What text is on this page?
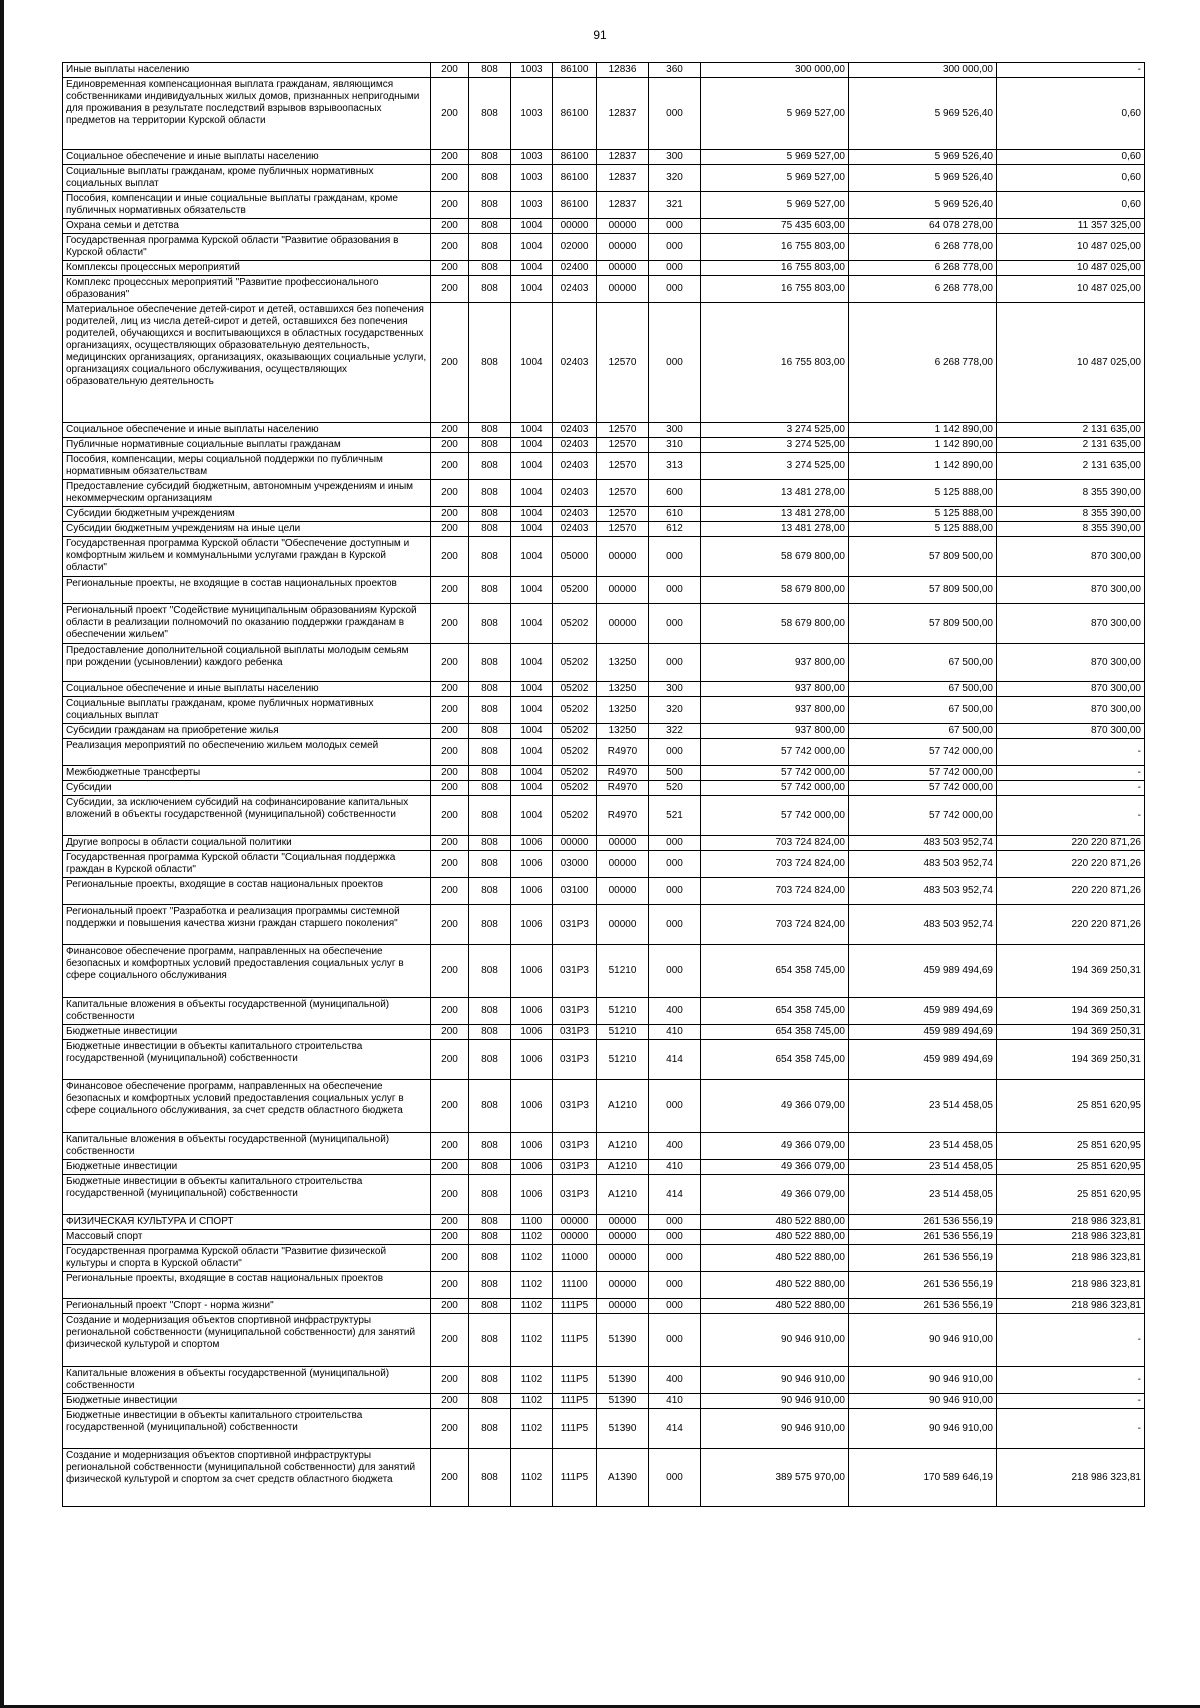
91
Иные выплаты населению	200	808	1003	86100	12836	360	300 000,00	300 000,00	-
Единовременная компенсационная выплата гражданам, являющимся собственниками индивидуальных жилых домов, признанных непригодными для проживания в результате последствий взрывов взрывоопасных предметов на территории Курской области	200	808	1003	86100	12837	000	5 969 527,00	5 969 526,40	0,60
Социальное обеспечение и иные выплаты населению	200	808	1003	86100	12837	300	5 969 527,00	5 969 526,40	0,60
Социальные выплаты гражданам, кроме публичных нормативных социальных выплат	200	808	1003	86100	12837	320	5 969 527,00	5 969 526,40	0,60
Пособия, компенсации и иные социальные выплаты гражданам, кроме публичных нормативных обязательств	200	808	1003	86100	12837	321	5 969 527,00	5 969 526,40	0,60
Охрана семьи и детства	200	808	1004	00000	00000	000	75 435 603,00	64 078 278,00	11 357 325,00
Государственная программа Курской области "Развитие образования в Курской области"	200	808	1004	02000	00000	000	16 755 803,00	6 268 778,00	10 487 025,00
Комплексы процессных мероприятий	200	808	1004	02400	00000	000	16 755 803,00	6 268 778,00	10 487 025,00
Комплекс процессных мероприятий "Развитие профессионального образования"	200	808	1004	02403	00000	000	16 755 803,00	6 268 778,00	10 487 025,00
Материальное обеспечение детей-сирот и детей, оставшихся без попечения родителей, лиц из числа детей-сирот и детей, оставшихся без попечения родителей, обучающихся и воспитывающихся в областных государственных организациях, осуществляющих образовательную деятельность, медицинских организациях, организациях, оказывающих социальные услуги, организациях социального обслуживания, осуществляющих образовательную деятельность	200	808	1004	02403	12570	000	16 755 803,00	6 268 778,00	10 487 025,00
Социальное обеспечение и иные выплаты населению	200	808	1004	02403	12570	300	3 274 525,00	1 142 890,00	2 131 635,00
Публичные нормативные социальные выплаты гражданам	200	808	1004	02403	12570	310	3 274 525,00	1 142 890,00	2 131 635,00
Пособия, компенсации, меры социальной поддержки по публичным нормативным обязательствам	200	808	1004	02403	12570	313	3 274 525,00	1 142 890,00	2 131 635,00
Предоставление субсидий бюджетным, автономным учреждениям и иным некоммерческим организациям	200	808	1004	02403	12570	600	13 481 278,00	5 125 888,00	8 355 390,00
Субсидии бюджетным учреждениям	200	808	1004	02403	12570	610	13 481 278,00	5 125 888,00	8 355 390,00
Субсидии бюджетным учреждениям на иные цели	200	808	1004	02403	12570	612	13 481 278,00	5 125 888,00	8 355 390,00
Государственная программа Курской области "Обеспечение доступным и комфортным жильем и коммунальными услугами граждан в Курской области"	200	808	1004	05000	00000	000	58 679 800,00	57 809 500,00	870 300,00
Региональные проекты, не входящие в состав национальных проектов	200	808	1004	05200	00000	000	58 679 800,00	57 809 500,00	870 300,00
Региональный проект "Содействие муниципальным образованиям Курской области в реализации полномочий по оказанию поддержки гражданам в обеспечении жильем"	200	808	1004	05202	00000	000	58 679 800,00	57 809 500,00	870 300,00
Предоставление дополнительной социальной выплаты молодым семьям при рождении (усыновлении) каждого ребенка	200	808	1004	05202	13250	000	937 800,00	67 500,00	870 300,00
Социальное обеспечение и иные выплаты населению	200	808	1004	05202	13250	300	937 800,00	67 500,00	870 300,00
Социальные выплаты гражданам, кроме публичных нормативных социальных выплат	200	808	1004	05202	13250	320	937 800,00	67 500,00	870 300,00
Субсидии гражданам на приобретение жилья	200	808	1004	05202	13250	322	937 800,00	67 500,00	870 300,00
Реализация мероприятий по обеспечению жильем молодых семей	200	808	1004	05202	R4970	000	57 742 000,00	57 742 000,00	-
Межбюджетные трансферты	200	808	1004	05202	R4970	500	57 742 000,00	57 742 000,00	-
Субсидии	200	808	1004	05202	R4970	520	57 742 000,00	57 742 000,00	-
Субсидии, за исключением субсидий на софинансирование капитальных вложений в объекты государственной (муниципальной) собственности	200	808	1004	05202	R4970	521	57 742 000,00	57 742 000,00	-
Другие вопросы в области социальной политики	200	808	1006	00000	00000	000	703 724 824,00	483 503 952,74	220 220 871,26
Государственная программа Курской области "Социальная поддержка граждан в Курской области"	200	808	1006	03000	00000	000	703 724 824,00	483 503 952,74	220 220 871,26
Региональные проекты, входящие в состав национальных проектов	200	808	1006	03100	00000	000	703 724 824,00	483 503 952,74	220 220 871,26
Региональный проект "Разработка и реализация программы системной поддержки и повышения качества жизни граждан старшего поколения"	200	808	1006	031P3	00000	000	703 724 824,00	483 503 952,74	220 220 871,26
Финансовое обеспечение программ, направленных на обеспечение безопасных и комфортных условий предоставления социальных услуг в сфере социального обслуживания	200	808	1006	031P3	51210	000	654 358 745,00	459 989 494,69	194 369 250,31
Капитальные вложения в объекты государственной (муниципальной) собственности	200	808	1006	031P3	51210	400	654 358 745,00	459 989 494,69	194 369 250,31
Бюджетные инвестиции	200	808	1006	031P3	51210	410	654 358 745,00	459 989 494,69	194 369 250,31
Бюджетные инвестиции в объекты капитального строительства государственной (муниципальной) собственности	200	808	1006	031P3	51210	414	654 358 745,00	459 989 494,69	194 369 250,31
Финансовое обеспечение программ, направленных на обеспечение безопасных и комфортных условий предоставления социальных услуг в сфере социального обслуживания, за счет средств областного бюджета	200	808	1006	031P3	A1210	000	49 366 079,00	23 514 458,05	25 851 620,95
Капитальные вложения в объекты государственной (муниципальной) собственности	200	808	1006	031P3	A1210	400	49 366 079,00	23 514 458,05	25 851 620,95
Бюджетные инвестиции	200	808	1006	031P3	A1210	410	49 366 079,00	23 514 458,05	25 851 620,95
Бюджетные инвестиции в объекты капитального строительства государственной (муниципальной) собственности	200	808	1006	031P3	A1210	414	49 366 079,00	23 514 458,05	25 851 620,95
ФИЗИЧЕСКАЯ КУЛЬТУРА И СПОРТ	200	808	1100	00000	00000	000	480 522 880,00	261 536 556,19	218 986 323,81
Массовый спорт	200	808	1102	00000	00000	000	480 522 880,00	261 536 556,19	218 986 323,81
Государственная программа Курской области "Развитие физической культуры и спорта в Курской области"	200	808	1102	11000	00000	000	480 522 880,00	261 536 556,19	218 986 323,81
Региональные проекты, входящие в состав национальных проектов	200	808	1102	11100	00000	000	480 522 880,00	261 536 556,19	218 986 323,81
Региональный проект "Спорт - норма жизни"	200	808	1102	111P5	00000	000	480 522 880,00	261 536 556,19	218 986 323,81
Создание и модернизация объектов спортивной инфраструктуры региональной собственности (муниципальной собственности) для занятий физической культурой и спортом	200	808	1102	111P5	51390	000	90 946 910,00	90 946 910,00	-
Капитальные вложения в объекты государственной (муниципальной) собственности	200	808	1102	111P5	51390	400	90 946 910,00	90 946 910,00	-
Бюджетные инвестиции	200	808	1102	111P5	51390	410	90 946 910,00	90 946 910,00	-
Бюджетные инвестиции в объекты капитального строительства государственной (муниципальной) собственности	200	808	1102	111P5	51390	414	90 946 910,00	90 946 910,00	-
Создание и модернизация объектов спортивной инфраструктуры региональной собственности (муниципальной собственности) для занятий физической культурой и спортом за счет средств областного бюджета	200	808	1102	111P5	A1390	000	389 575 970,00	170 589 646,19	218 986 323,81
